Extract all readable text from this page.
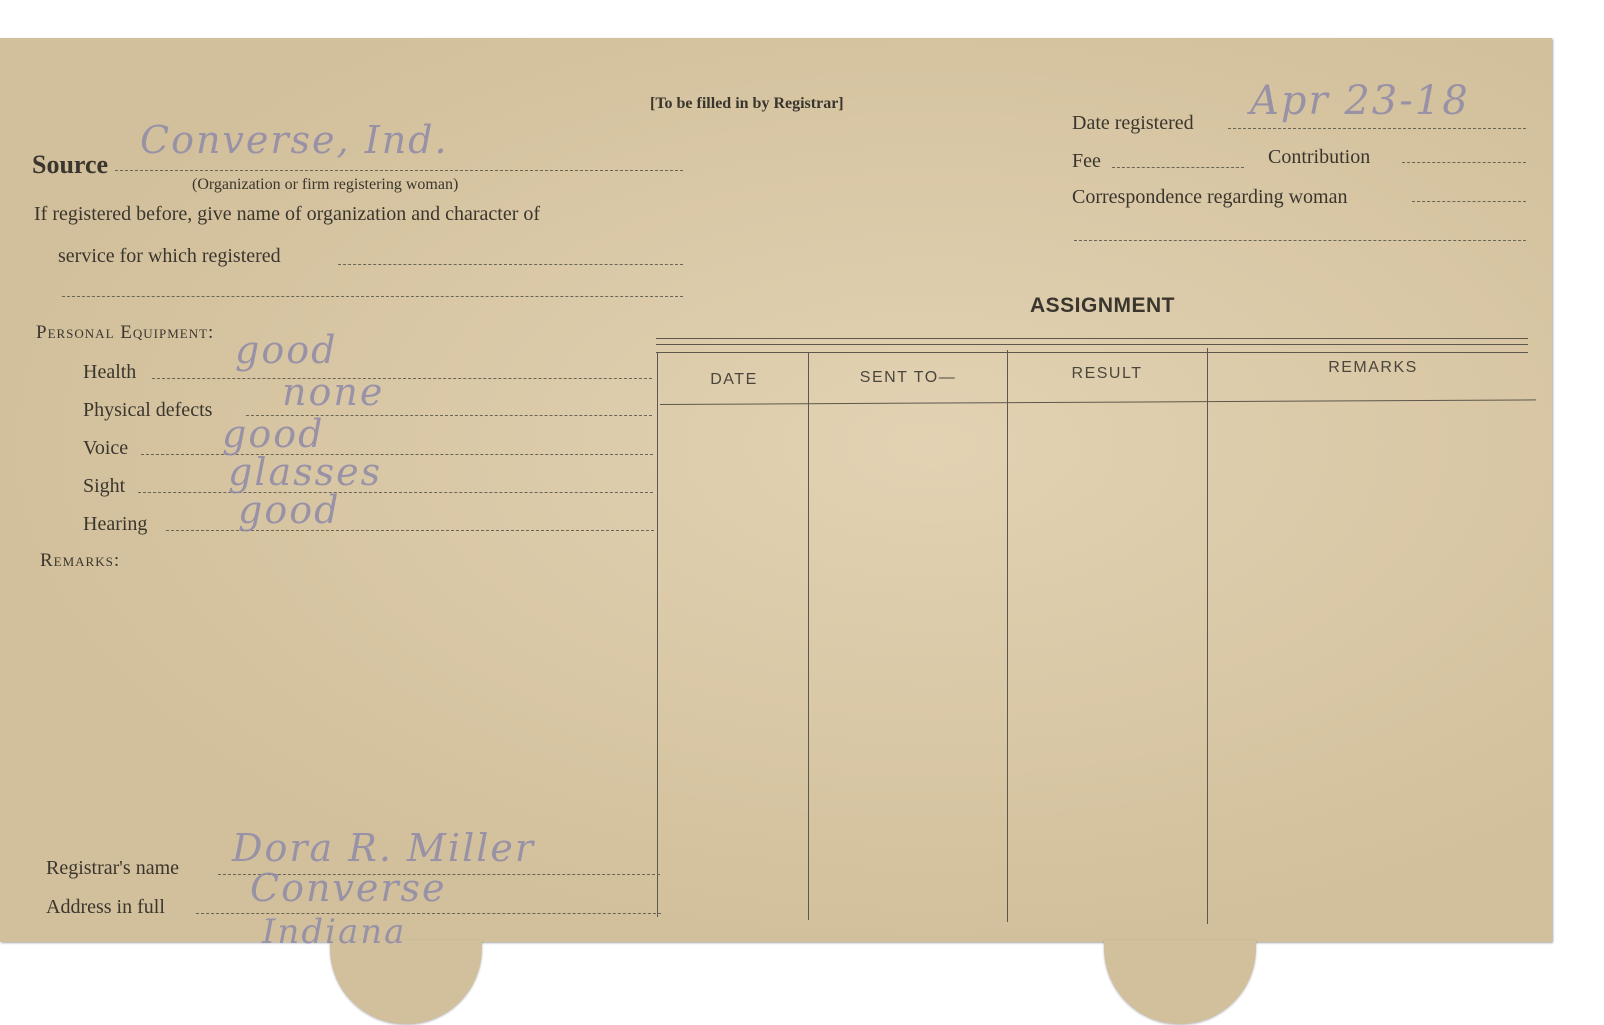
[To be filled in by Registrar]
Source
Converse, Ind.
(Organization or firm registering woman)
If registered before, give name of organization and character of
service for which registered
Date registered Apr 23-18
Fee	Contribution
Correspondence regarding woman
Personal Equipment:
Health	good
Physical defects none
Voice good
Sight	glasses
Hearing good
Remarks:
ASSIGNMENT
DATE	SENT TO—	RESULT	REMARKS
Registrar's name Dora R. Miller
Address in full Converse
Indiana
